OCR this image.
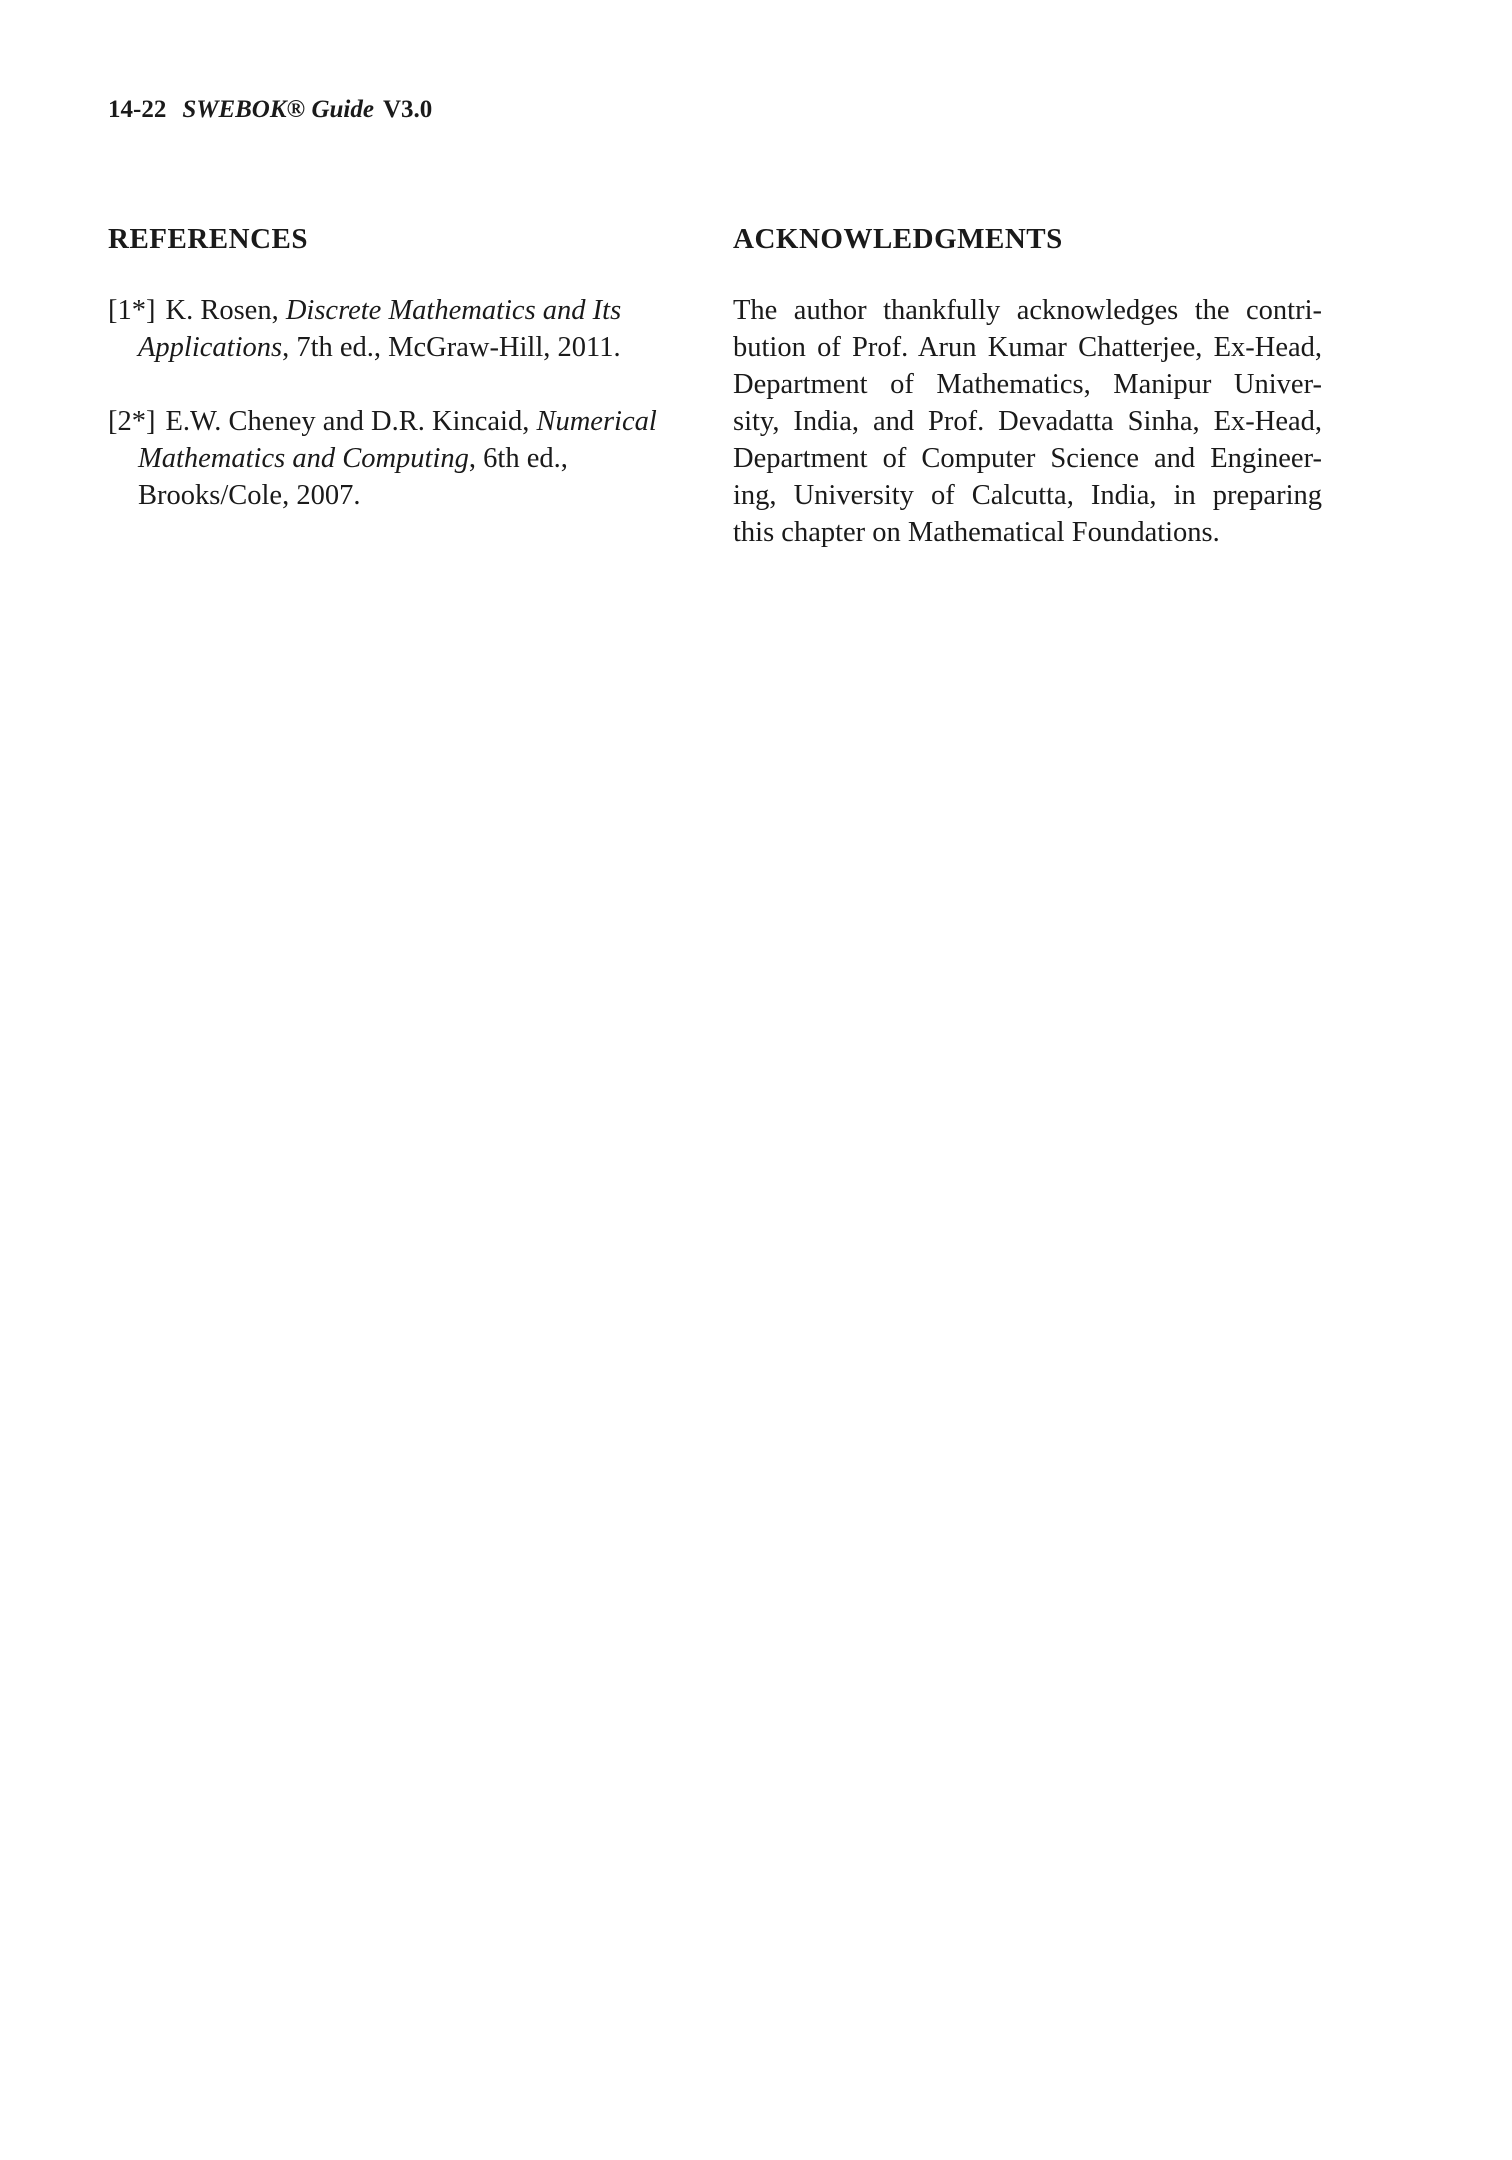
14-22 SWEBOK® Guide V3.0
REFERENCES
[1*] K. Rosen, Discrete Mathematics and Its
Applications, 7th ed., McGraw-Hill, 2011.
[2*] E.W. Cheney and D.R. Kincaid, Numerical
Mathematics and Computing, 6th ed.,
Brooks/Cole, 2007.
ACKNOWLEDGMENTS
The author thankfully acknowledges the contri-
bution of Prof. Arun Kumar Chatterjee, Ex-Head,
Department of Mathematics, Manipur Univer-
sity, India, and Prof. Devadatta Sinha, Ex-Head,
Department of Computer Science and Engineer-
ing, University of Calcutta, India, in preparing
this chapter on Mathematical Foundations.
